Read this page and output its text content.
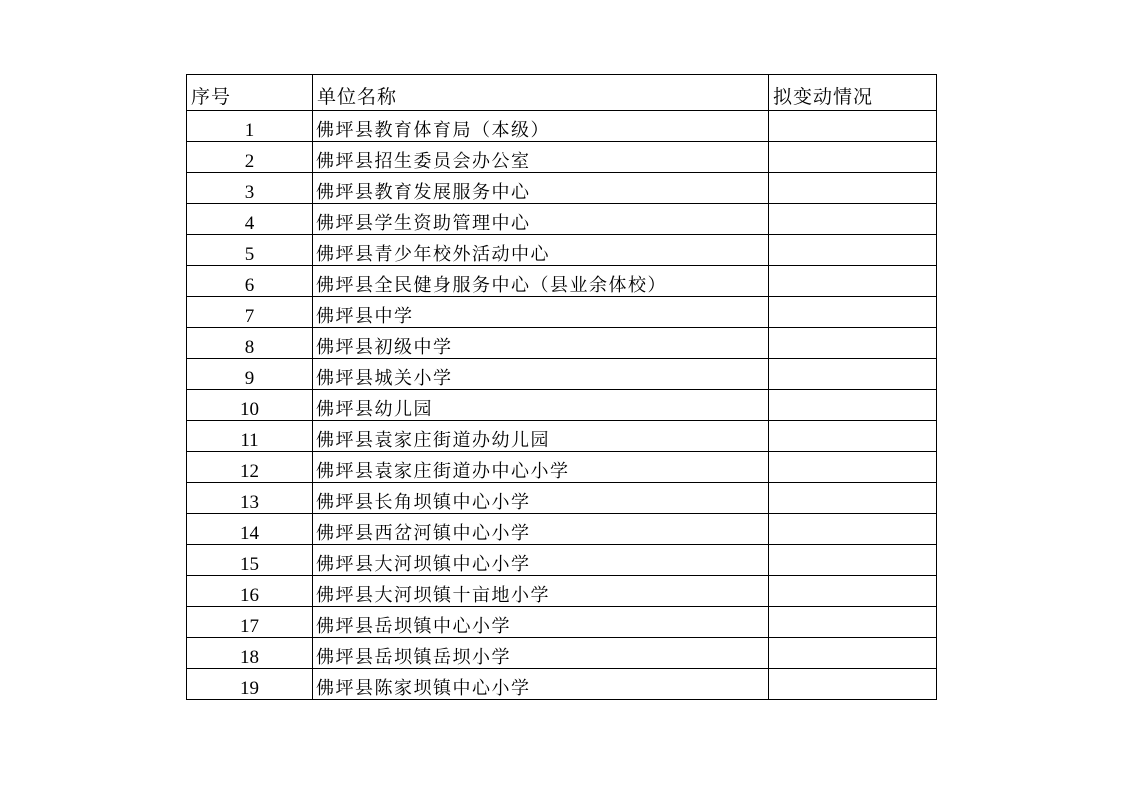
序号	单位名称	拟变动情况
1	佛坪县教育体育局（本级）	
2	佛坪县招生委员会办公室	
3	佛坪县教育发展服务中心	
4	佛坪县学生资助管理中心	
5	佛坪县青少年校外活动中心	
6	佛坪县全民健身服务中心（县业余体校）	
7	佛坪县中学	
8	佛坪县初级中学	
9	佛坪县城关小学	
10	佛坪县幼儿园	
11	佛坪县袁家庄街道办幼儿园	
12	佛坪县袁家庄街道办中心小学	
13	佛坪县长角坝镇中心小学	
14	佛坪县西岔河镇中心小学	
15	佛坪县大河坝镇中心小学	
16	佛坪县大河坝镇十亩地小学	
17	佛坪县岳坝镇中心小学	
18	佛坪县岳坝镇岳坝小学	
19	佛坪县陈家坝镇中心小学	
